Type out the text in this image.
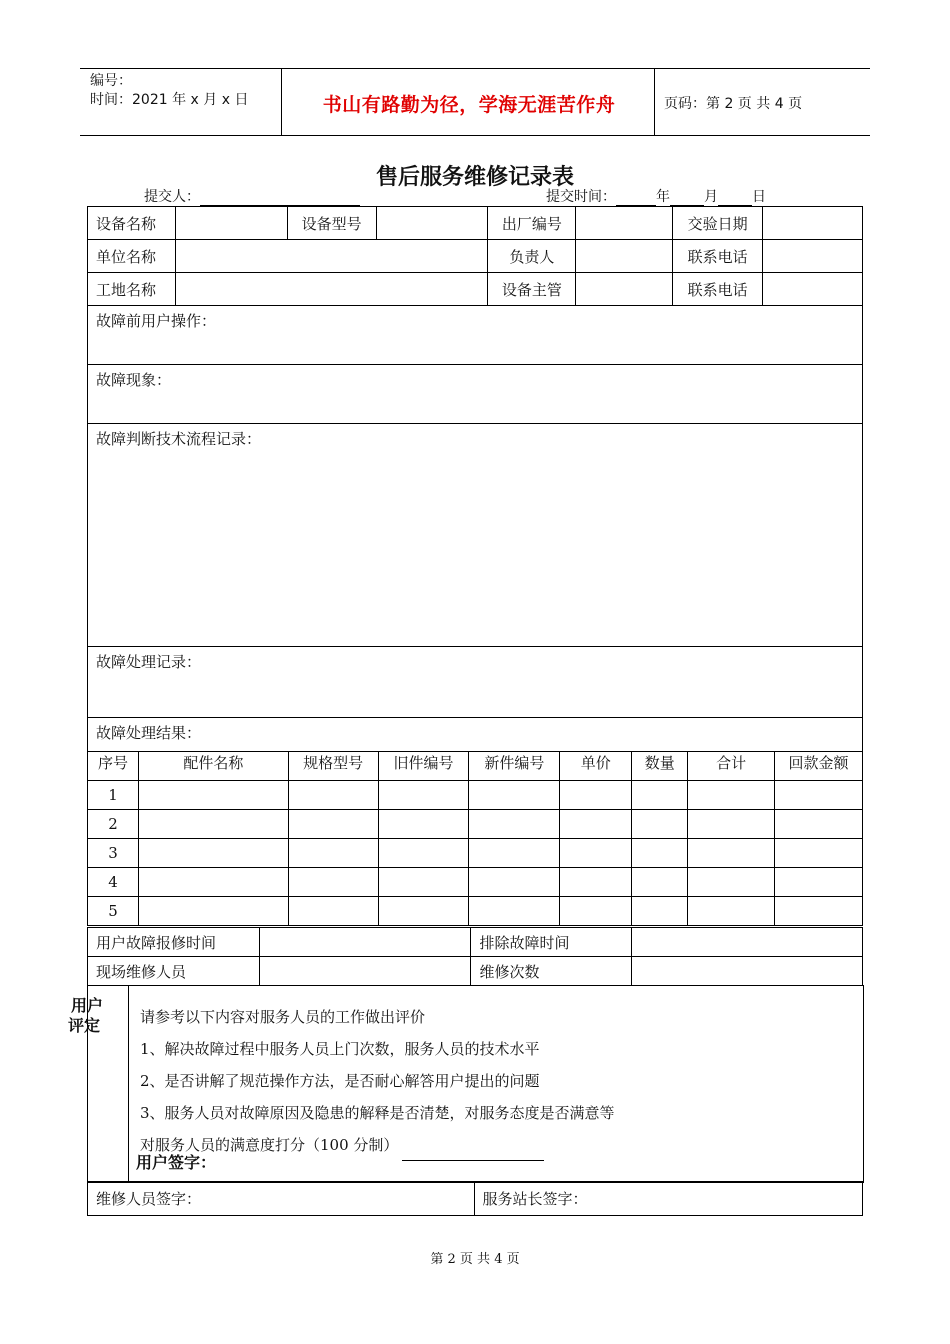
编号：
时间：2021 年 x 月 x 日	书山有路勤为径，学海无涯苦作舟	页码：第 2 页 共 4 页
售后服务维修记录表
提交人：	提交时间：	年 月 日
设备名称		设备型号		出厂编号		交验日期	
单位名称				负责人		联系电话	
工地名称				设备主管		联系电话	
故障前用户操作：
故障现象：
故障判断技术流程记录：
故障处理记录：
故障处理结果：
序号	配件名称	规格型号	旧件编号	新件编号	单价	数量	合计	回款金额
1								
2								
3								
4								
5								
用户故障报修时间		排除故障时间	
现场维修人员		维修次数	
用户
评定	请参考以下内容对服务人员的工作做出评价
1、解决故障过程中服务人员上门次数，服务人员的技术水平
2、是否讲解了规范操作方法，是否耐心解答用户提出的问题
3、服务人员对故障原因及隐患的解释是否清楚，对服务态度是否满意等
对服务人员的满意度打分（100 分制）
用户签字：
维修人员签字：	服务站长签字：
第 2 页 共 4 页
